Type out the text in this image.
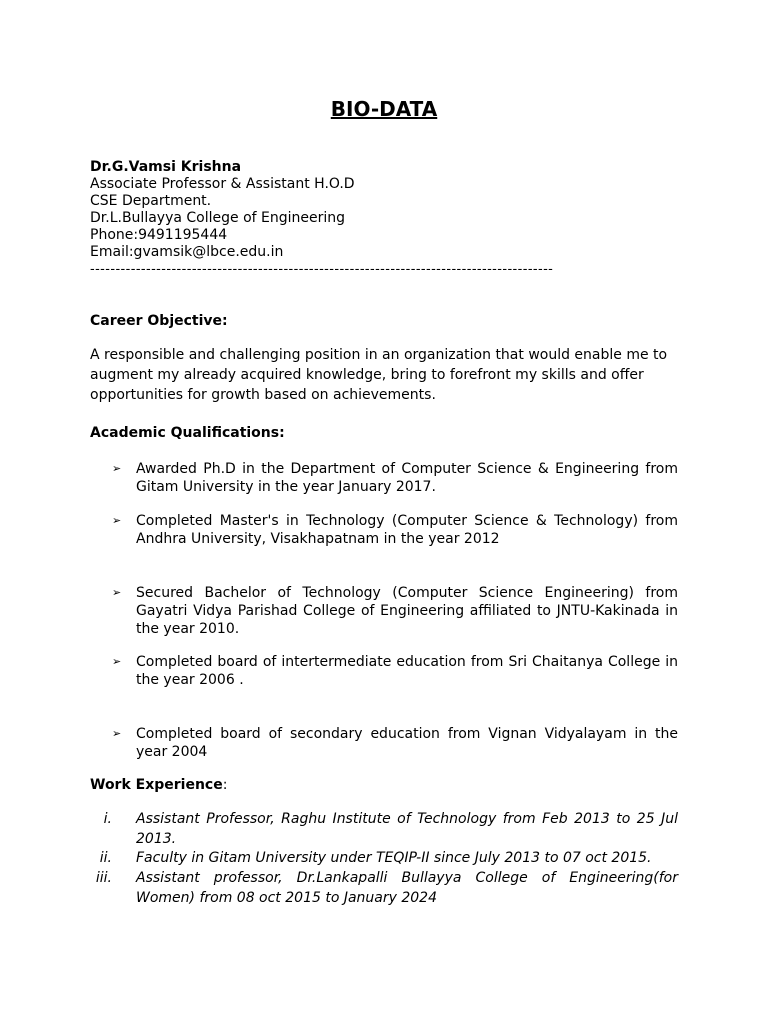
BIO-DATA
Dr.G.Vamsi Krishna
Associate Professor & Assistant H.O.D
CSE Department.
Dr.L.Bullayya College of Engineering
Phone:9491195444
Email:gvamsik@lbce.edu.in
-------------------------------------------------------------------------------------------
Career Objective:
A responsible and challenging position in an organization that would enable me to augment my already acquired knowledge, bring to forefront my skills and offer opportunities for growth based on achievements.
Academic Qualifications:
➢ Awarded Ph.D in the Department of Computer Science & Engineering from Gitam University in the year January 2017.
➢ Completed Master's in Technology (Computer Science & Technology) from Andhra University, Visakhapatnam in the year 2012
➢ Secured Bachelor of Technology (Computer Science Engineering) from Gayatri Vidya Parishad College of Engineering affiliated to JNTU-Kakinada in the year 2010.
➢ Completed board of intertermediate education from Sri Chaitanya College in the year 2006 .
➢ Completed board of secondary education from Vignan Vidyalayam in the year 2004
Work Experience:
i. Assistant Professor, Raghu Institute of Technology from Feb 2013 to 25 Jul 2013.
ii. Faculty in Gitam University under TEQIP-II since July 2013 to 07 oct 2015.
iii. Assistant professor, Dr.Lankapalli Bullayya College of Engineering(for Women) from 08 oct 2015 to January 2024
